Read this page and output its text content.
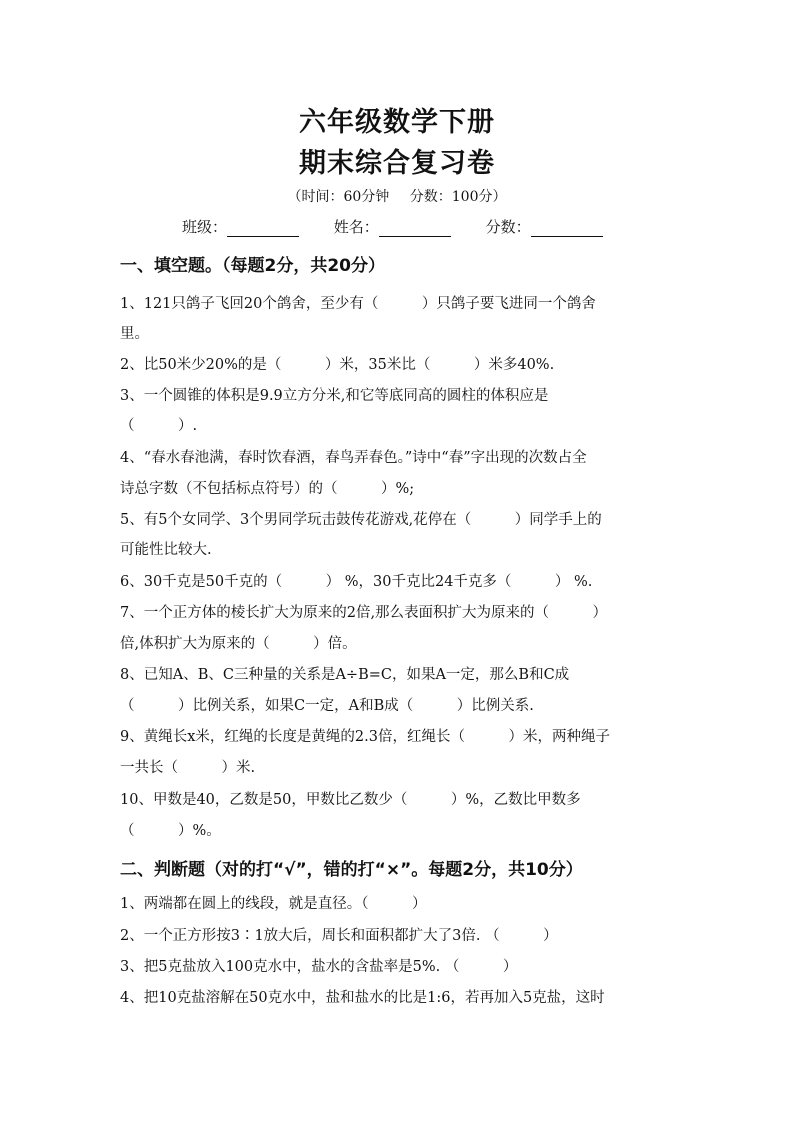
六年级数学下册
期末综合复习卷
（时间：60分钟 分数：100分）
班级：	姓名：	分数：
一、填空题。（每题2分，共20分）
1、121只鸽子飞回20个鸽舍，至少有（　　　）只鸽子要飞进同一个鸽舍
里。
2、比50米少20%的是（　　　）米，35米比（　　　）米多40%.
3、一个圆锥的体积是9.9立方分米,和它等底同高的圆柱的体积应是
（　　　）.
4、“春水春池满，春时饮春酒，春鸟弄春色。”诗中“春”字出现的次数占全
诗总字数（不包括标点符号）的（　　　）%;
5、有5个女同学、3个男同学玩击鼓传花游戏,花停在（　　　）同学手上的
可能性比较大.
6、30千克是50千克的（　　　） %，30千克比24千克多（　　　） %.
7、一个正方体的棱长扩大为原来的2倍,那么表面积扩大为原来的（　　　）
倍,体积扩大为原来的（　　　）倍。
8、已知A、B、C三种量的关系是A÷B=C，如果A一定，那么B和C成
（　　　）比例关系，如果C一定，A和B成（　　　）比例关系.
9、黄绳长x米，红绳的长度是黄绳的2.3倍，红绳长（　　　）米，两种绳子
一共长（　　　）米.
10、甲数是40，乙数是50，甲数比乙数少（　　　）%，乙数比甲数多
（　　　）%。
二、判断题（对的打“√”，错的打“×”。每题2分，共10分）
1、两端都在圆上的线段，就是直径。（　　　）
2、一个正方形按3∶1放大后，周长和面积都扩大了3倍. （　　　）
3、把5克盐放入100克水中，盐水的含盐率是5%. （　　　）
4、把10克盐溶解在50克水中，盐和盐水的比是1:6，若再加入5克盐，这时
